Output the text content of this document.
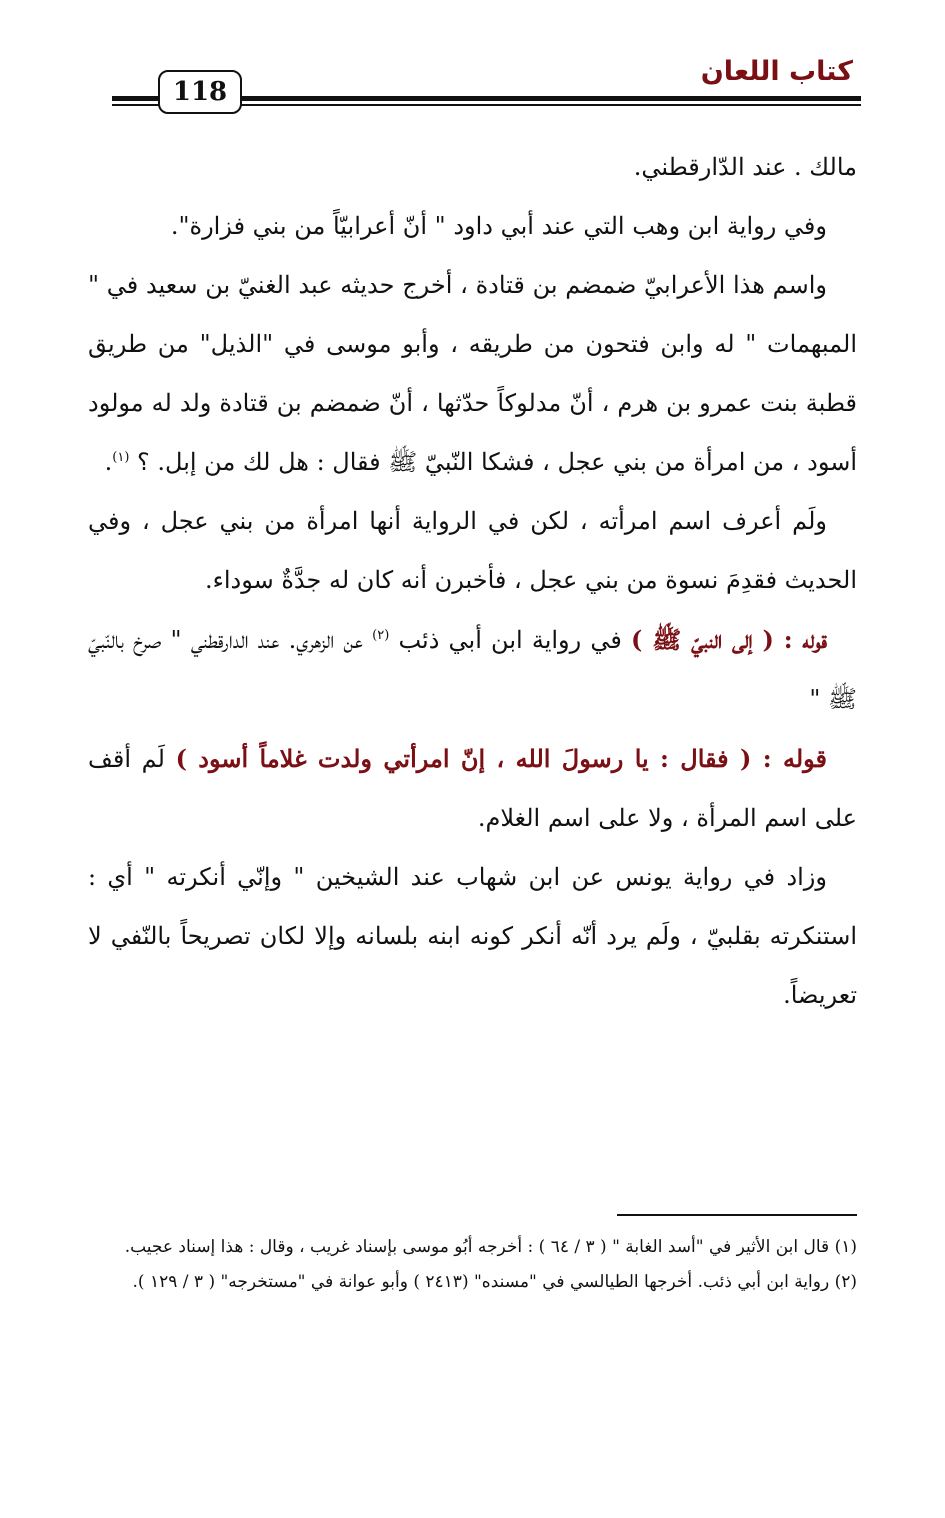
كتاب اللعان
118

مالك . عند الدّارقطني.

وفي رواية ابن وهب التي عند أبي داود " أنّ أعرابيّاً من بني فزارة".

واسم هذا الأعرابيّ ضمضم بن قتادة ، أخرج حديثه عبد الغنيّ بن سعيد في " المبهمات " له وابن فتحون من طريقه ، وأبو موسى في "الذيل" من طريق قطبة بنت عمرو بن هرم ، أنّ مدلوكاً حدّثها ، أنّ ضمضم بن قتادة ولد له مولود أسود ، من امرأة من بني عجل ، فشكا النّبيّ ﷺ فقال : هل لك من إبل. ؟ $^{(١)}$.

ولَم أعرف اسم امرأته ، لكن في الرواية أنها امرأة من بني عجل ، وفي الحديث فقدِمَ نسوة من بني عجل ، فأخبرن أنه كان له جدَّةٌ سوداء.

قوله : ( إلى النبيّ ﷺ ) في رواية ابن أبي ذئب $^{(٢)}$ عن الزهري. عند الدارقطني " صرخ بالنّبيّ ﷺ "

قوله : ( فقال : يا رسولَ الله ، إنّ امرأتي ولدت غلاماً أسود ) لَم أقف على اسم المرأة ، ولا على اسم الغلام.

وزاد في رواية يونس عن ابن شهاب عند الشيخين " وإنّي أنكرته " أي : استنكرته بقلبيّ ، ولَم يرد أنّه أنكر كونه ابنه بلسانه وإلا لكان تصريحاً بالنّفي لا تعريضاً.

(١) قال ابن الأثير في "أسد الغابة " ( ٣ / ٦٤ ) : أخرجه أبُو موسى بإسناد غريب ، وقال : هذا إسناد عجيب.

(٢) رواية ابن أبي ذئب. أخرجها الطيالسي في "مسنده" (٢٤١٣ ) وأبو عوانة في "مستخرجه" ( ٣ / ١٢٩ ).
